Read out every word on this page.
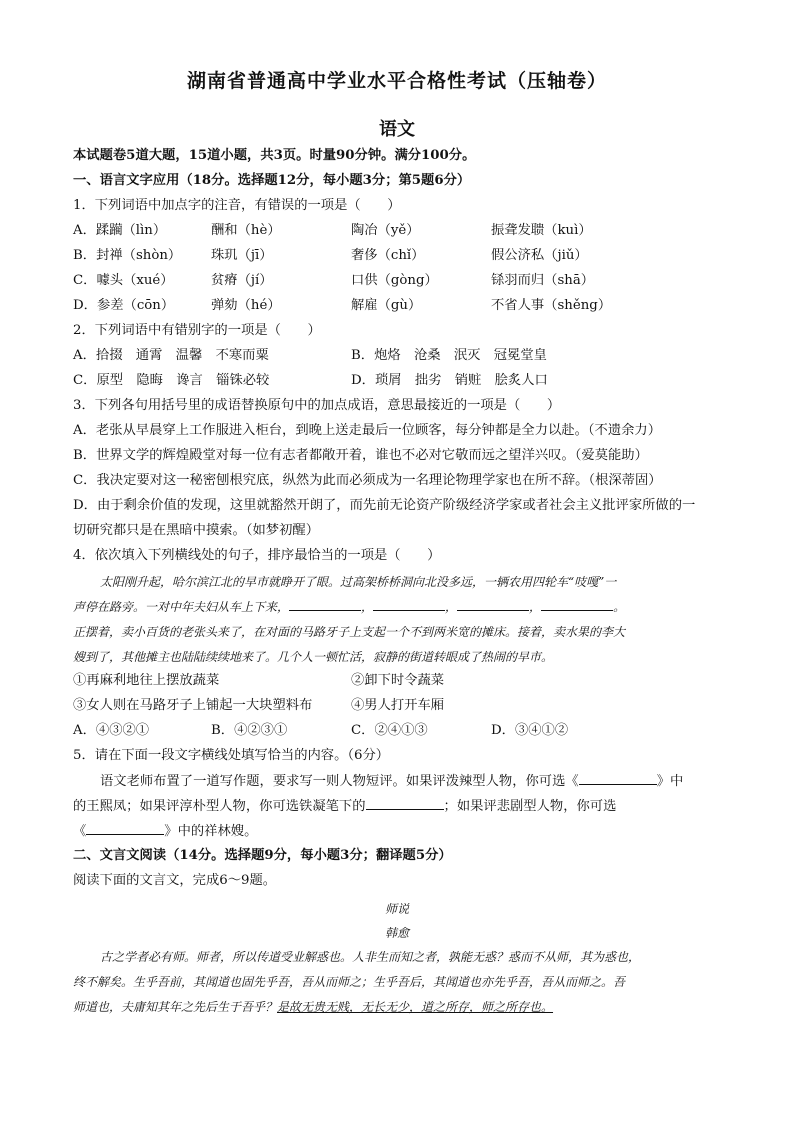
湖南省普通高中学业水平合格性考试（压轴卷）
语文
本试题卷5道大题，15道小题，共3页。时量90分钟。满分100分。
一、语言文字应用（18分。选择题12分，每小题3分；第5题6分）
1．下列词语中加点字的注音，有错误的一项是（　　）
A．蹂躏（lìn）	酬和（hè）	陶冶（yě）	振聋发聩（kuì）
B．封禅（shòn） 珠玑（jī）	奢侈（chǐ）	假公济私（jiǔ）
C．噱头（xué）	贫瘠（jí）	口供（gòng）	铩羽而归（shā）
D．参差（cōn）	弹劾（hé）	解雇（gù）	不省人事（shěng）
2．下列词语中有错别字的一项是（　　）
A．拾掇　通霄　温馨　不寒而粟	B．炮烙　沧桑　泯灭　冠冕堂皇
C．原型　隐晦　谗言　锱铢必较	D．琐屑　拙劣　销赃　脍炙人口
3．下列各句用括号里的成语替换原句中的加点成语，意思最接近的一项是（　　）
A．老张从早晨穿上工作服进入柜台，到晚上送走最后一位顾客，每分钟都是全力以赴。（不遗余力）
B．世界文学的辉煌殿堂对每一位有志者都敞开着，谁也不必对它敬而远之望洋兴叹。（爱莫能助）
C．我决定要对这一秘密刨根究底，纵然为此而必须成为一名理论物理学家也在所不辞。（根深蒂固）
D．由于剩余价值的发现，这里就豁然开朗了，而先前无论资产阶级经济学家或者社会主义批评家所做的一
切研究都只是在黑暗中摸索。（如梦初醒）
4．依次填入下列横线处的句子，排序最恰当的一项是（　　）
太阳刚升起，哈尔滨江北的早市就睁开了眼。过高架桥桥洞向北没多远，一辆农用四轮车“吱嘎”一
声停在路旁。一对中年夫妇从车上下来，	，	，	，	。
正摆着，卖小百货的老张头来了，在对面的马路牙子上支起一个不到两米宽的摊床。接着，卖水果的李大
嫂到了，其他摊主也陆陆续续地来了。几个人一顿忙活，寂静的街道转眼成了热闹的早市。
①再麻利地往上摆放蔬菜	②卸下时令蔬菜
③女人则在马路牙子上铺起一大块塑料布	④男人打开车厢
A．④③②①	B．④②③①	C．②④①③	D．③④①②
5．请在下面一段文字横线处填写恰当的内容。（6分）
语文老师布置了一道写作题，要求写一则人物短评。如果评泼辣型人物，你可选《	》中
的王熙凤；如果评淳朴型人物，你可选铁凝笔下的	；如果评悲剧型人物，你可选
《	》中的祥林嫂。
二、文言文阅读（14分。选择题9分，每小题3分；翻译题5分）
阅读下面的文言文，完成6～9题。
师说
韩愈
古之学者必有师。师者，所以传道受业解惑也。人非生而知之者，孰能无惑？惑而不从师，其为惑也，
终不解矣。生乎吾前，其闻道也固先乎吾，吾从而师之；生乎吾后，其闻道也亦先乎吾，吾从而师之。吾
师道也，夫庸知其年之先后生于吾乎？是故无贵无贱，无长无少，道之所存，师之所存也。
